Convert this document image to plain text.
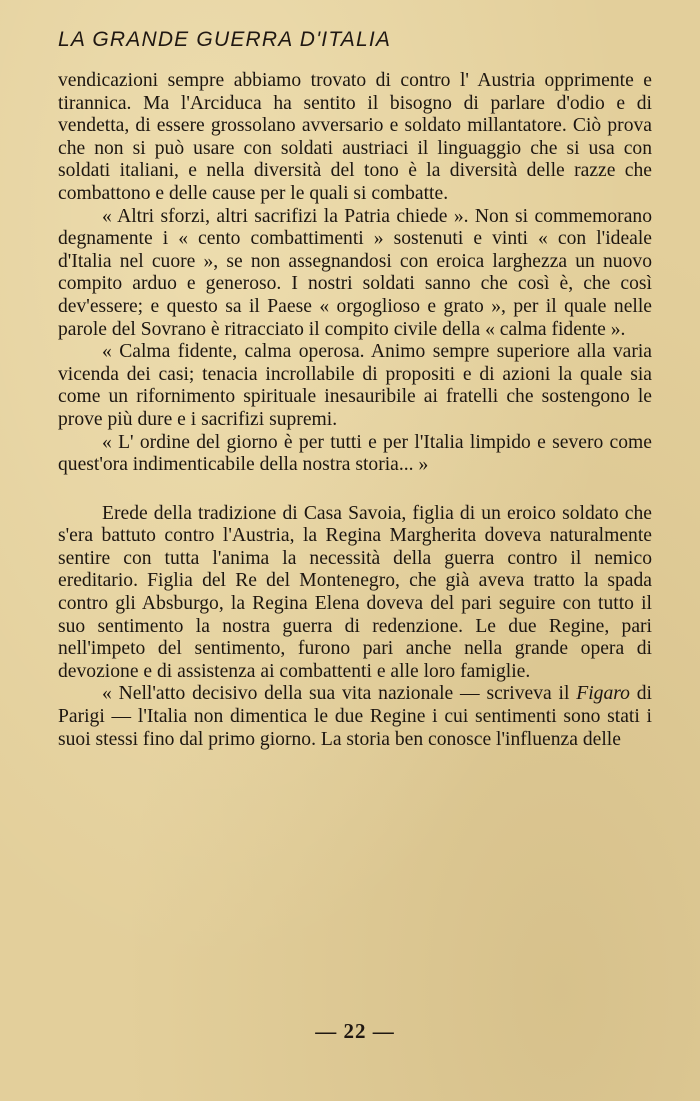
LA GRANDE GUERRA D'ITALIA

vendicazioni sempre abbiamo trovato di contro l' Austria opprimente e tirannica. Ma l'Arciduca ha sentito il bisogno di parlare d'odio e di vendetta, di essere grossolano avversario e soldato millantatore. Ciò prova che non si può usare con soldati austriaci il linguaggio che si usa con soldati italiani, e nella diversità del tono è la diversità delle razze che combattono e delle cause per le quali si combatte.

« Altri sforzi, altri sacrifizi la Patria chiede ». Non si commemorano degnamente i « cento combattimenti » sostenuti e vinti « con l'ideale d'Italia nel cuore », se non assegnandosi con eroica larghezza un nuovo compito arduo e generoso. I nostri soldati sanno che così è, che così dev'essere; e questo sa il Paese « orgoglioso e grato », per il quale nelle parole del Sovrano è ritracciato il compito civile della « calma fidente ».

« Calma fidente, calma operosa. Animo sempre superiore alla varia vicenda dei casi; tenacia incrollabile di propositi e di azioni la quale sia come un rifornimento spirituale inesauribile ai fratelli che sostengono le prove più dure e i sacrifizi supremi.

« L' ordine del giorno è per tutti e per l'Italia limpido e severo come quest'ora indimenticabile della nostra storia... »

Erede della tradizione di Casa Savoia, figlia di un eroico soldato che s'era battuto contro l'Austria, la Regina Margherita doveva naturalmente sentire con tutta l'anima la necessità della guerra contro il nemico ereditario. Figlia del Re del Montenegro, che già aveva tratto la spada contro gli Absburgo, la Regina Elena doveva del pari seguire con tutto il suo sentimento la nostra guerra di redenzione. Le due Regine, pari nell'impeto del sentimento, furono pari anche nella grande opera di devozione e di assistenza ai combattenti e alle loro famiglie.

« Nell'atto decisivo della sua vita nazionale — scriveva il Figaro di Parigi — l'Italia non dimentica le due Regine i cui sentimenti sono stati i suoi stessi fino dal primo giorno. La storia ben conosce l'influenza delle

— 22 —
